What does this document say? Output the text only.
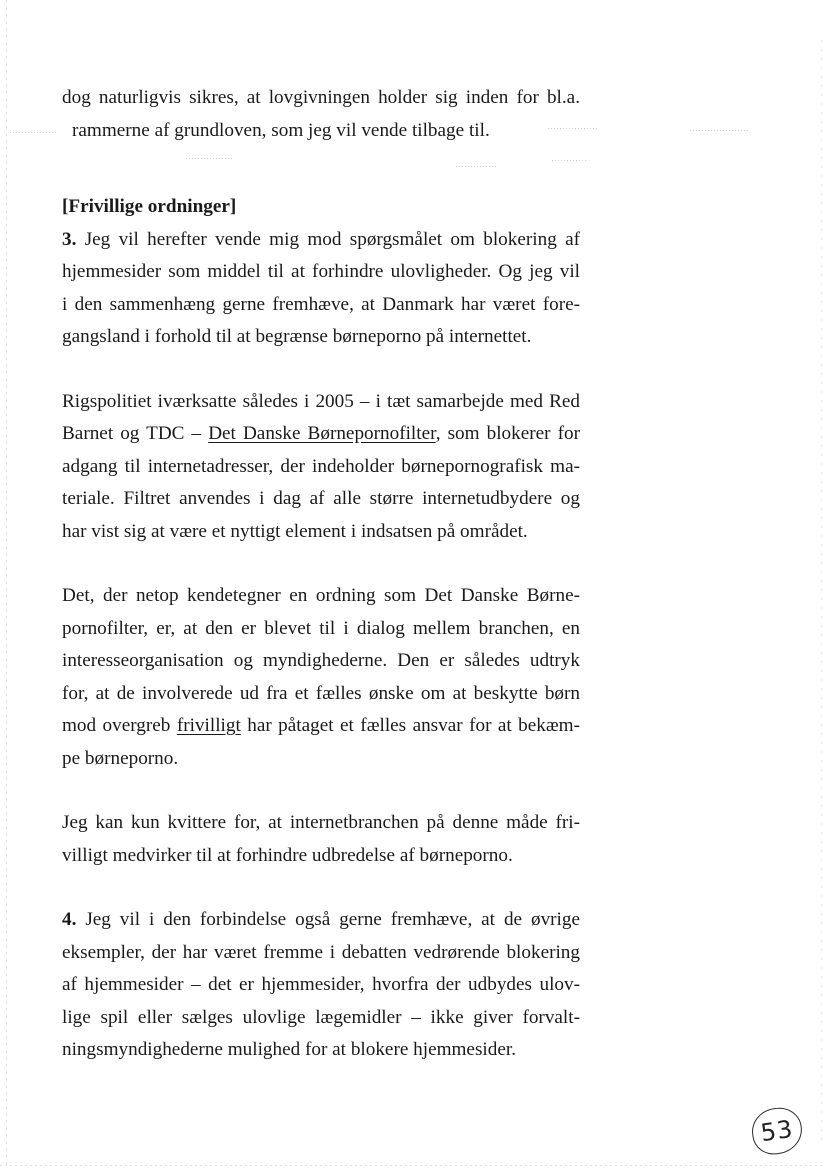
dog naturligvis sikres, at lovgivningen holder sig inden for bl.a.
rammerne af grundloven, som jeg vil vende tilbage til.

[Frivillige ordninger]

3. Jeg vil herefter vende mig mod spørgsmålet om blokering af
hjemmesider som middel til at forhindre ulovligheder. Og jeg vil
i den sammenhæng gerne fremhæve, at Danmark har været fore-
gangsland i forhold til at begrænse børneporno på internettet.

Rigspolitiet iværksatte således i 2005 – i tæt samarbejde med Red
Barnet og TDC – Det Danske Børnepornofilter, som blokerer for
adgang til internetadresser, der indeholder børnepornografisk ma-
teriale. Filtret anvendes i dag af alle større internetudbydere og
har vist sig at være et nyttigt element i indsatsen på området.

Det, der netop kendetegner en ordning som Det Danske Børne-
pornofilter, er, at den er blevet til i dialog mellem branchen, en
interesseorganisation og myndighederne. Den er således udtryk
for, at de involverede ud fra et fælles ønske om at beskytte børn
mod overgreb frivilligt har påtaget et fælles ansvar for at bekæm-
pe børneporno.

Jeg kan kun kvittere for, at internetbranchen på denne måde fri-
villigt medvirker til at forhindre udbredelse af børneporno.

4. Jeg vil i den forbindelse også gerne fremhæve, at de øvrige
eksempler, der har været fremme i debatten vedrørende blokering
af hjemmesider – det er hjemmesider, hvorfra der udbydes ulov-
lige spil eller sælges ulovlige lægemidler – ikke giver forvalt-
ningsmyndighederne mulighed for at blokere hjemmesider.

53
